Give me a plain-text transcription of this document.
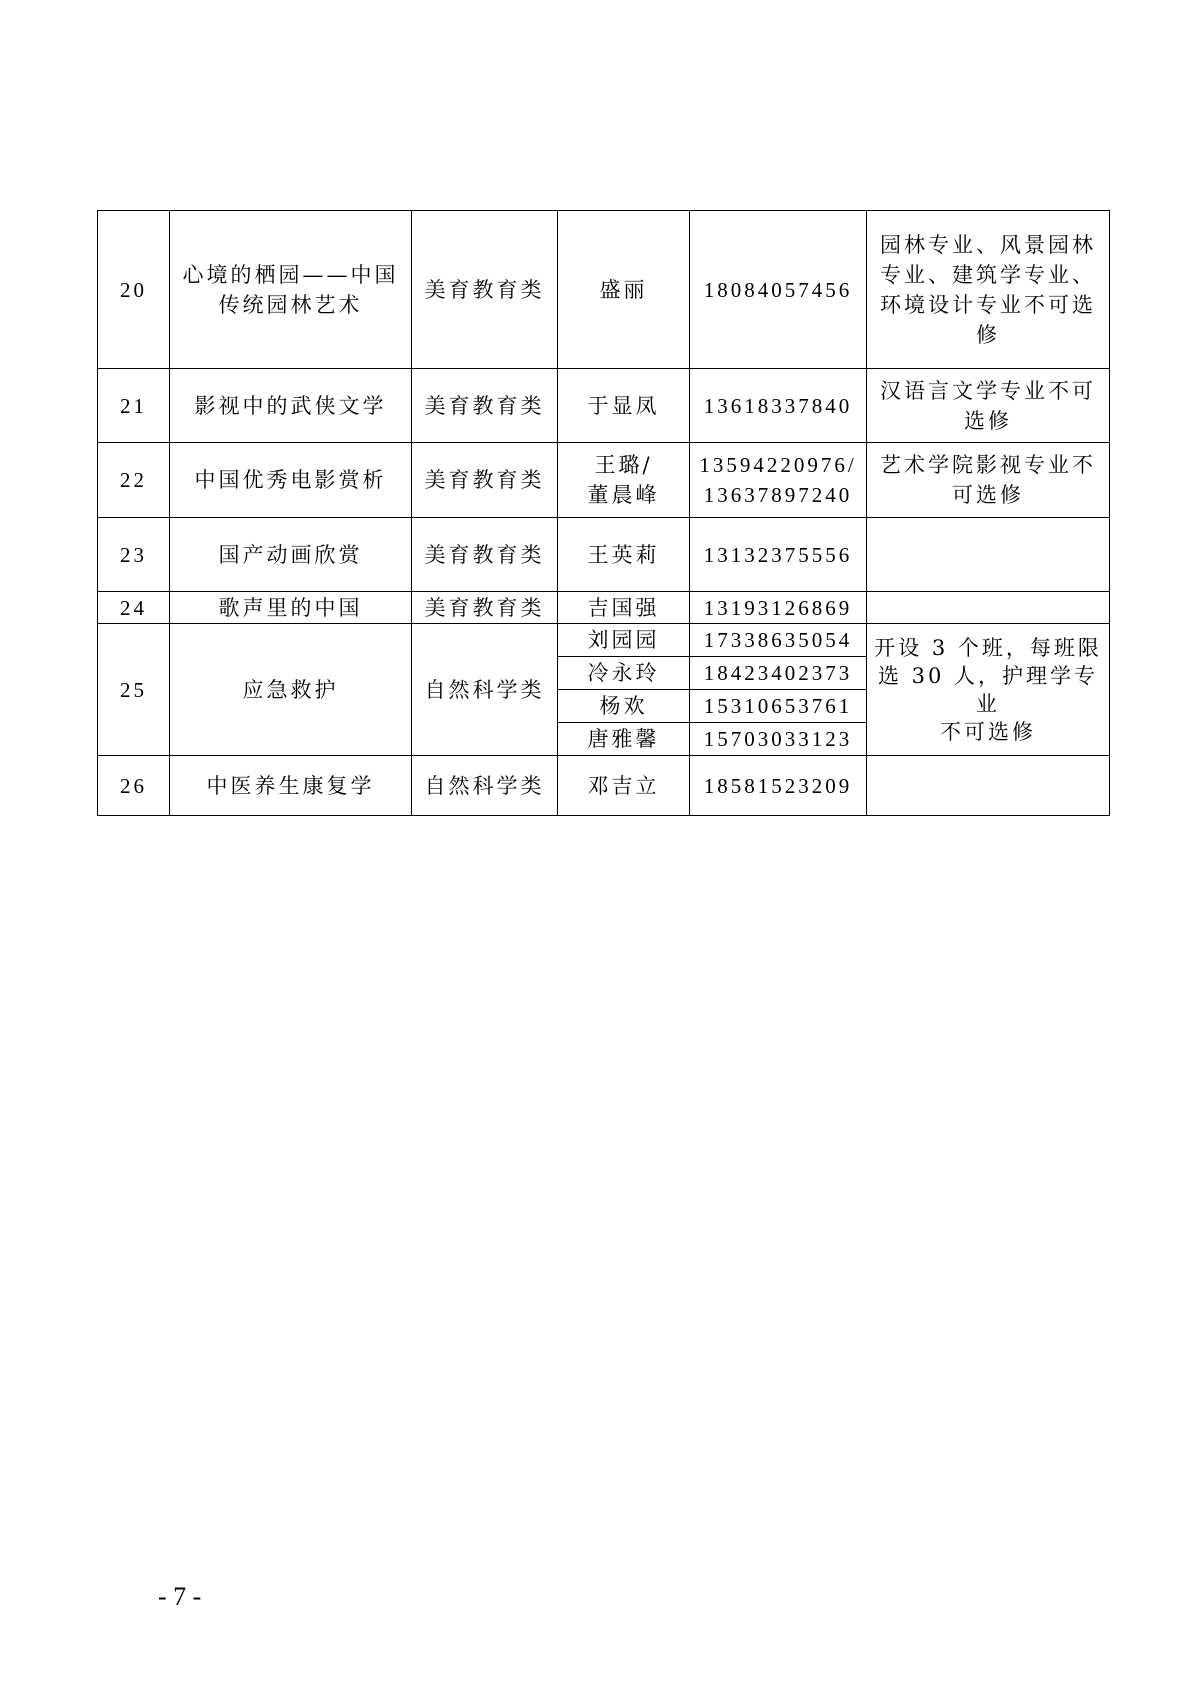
20	心境的栖园——中国
传统园林艺术	美育教育类	盛丽	18084057456	园林专业、风景园林
专业、建筑学专业、
环境设计专业不可选
修

21	影视中的武侠文学	美育教育类	于显凤	13618337840	汉语言文学专业不可
选修

22	中国优秀电影赏析	美育教育类	王璐/
董晨峰	13594220976/
13637897240	艺术学院影视专业不
可选修

23	国产动画欣赏	美育教育类	王英莉	13132375556	
24	歌声里的中国	美育教育类	吉国强	13193126869	
25	应急救护	自然科学类	刘园园	17338635054	开设 3 个班，每班限
选 30 人，护理学专业
不可选修

			冷永玲	18423402373	
			杨欢	15310653761	
			唐雅馨	15703033123	
26	中医养生康复学	自然科学类	邓吉立	18581523209	
- 7 -
